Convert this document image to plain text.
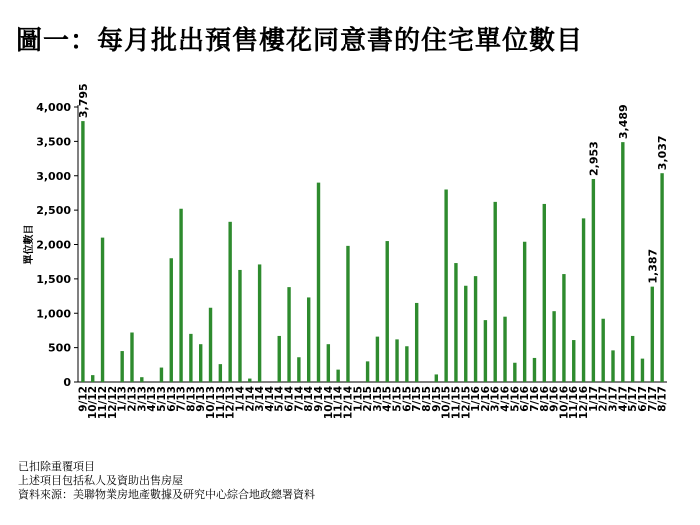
圖一：每月批出預售樓花同意書的住宅單位數目
0
500
1,000
1,500
2,000
2,500
3,000
3,500
4,000
單位數目
9/12
10/12
11/12
12/12
1/13
2/13
3/13
4/13
5/13
6/13
7/13
8/13
9/13
10/13
11/13
12/13
1/14
2/14
3/14
4/14
5/14
6/14
7/14
8/14
9/14
10/14
11/14
12/14
1/15
2/15
3/15
4/15
5/15
6/15
7/15
8/15
9/15
10/15
11/15
12/15
1/16
2/16
3/16
4/16
5/16
6/16
7/16
8/16
9/16
10/16
11/16
12/16
1/17
2/17
3/17
4/17
5/17
6/17
7/17
8/17
3,795
2,953
3,489
1,387
3,037
已扣除重覆項目
上述項目包括私人及資助出售房屋
資料來源：美聯物業房地產數據及研究中心綜合地政總署資料
